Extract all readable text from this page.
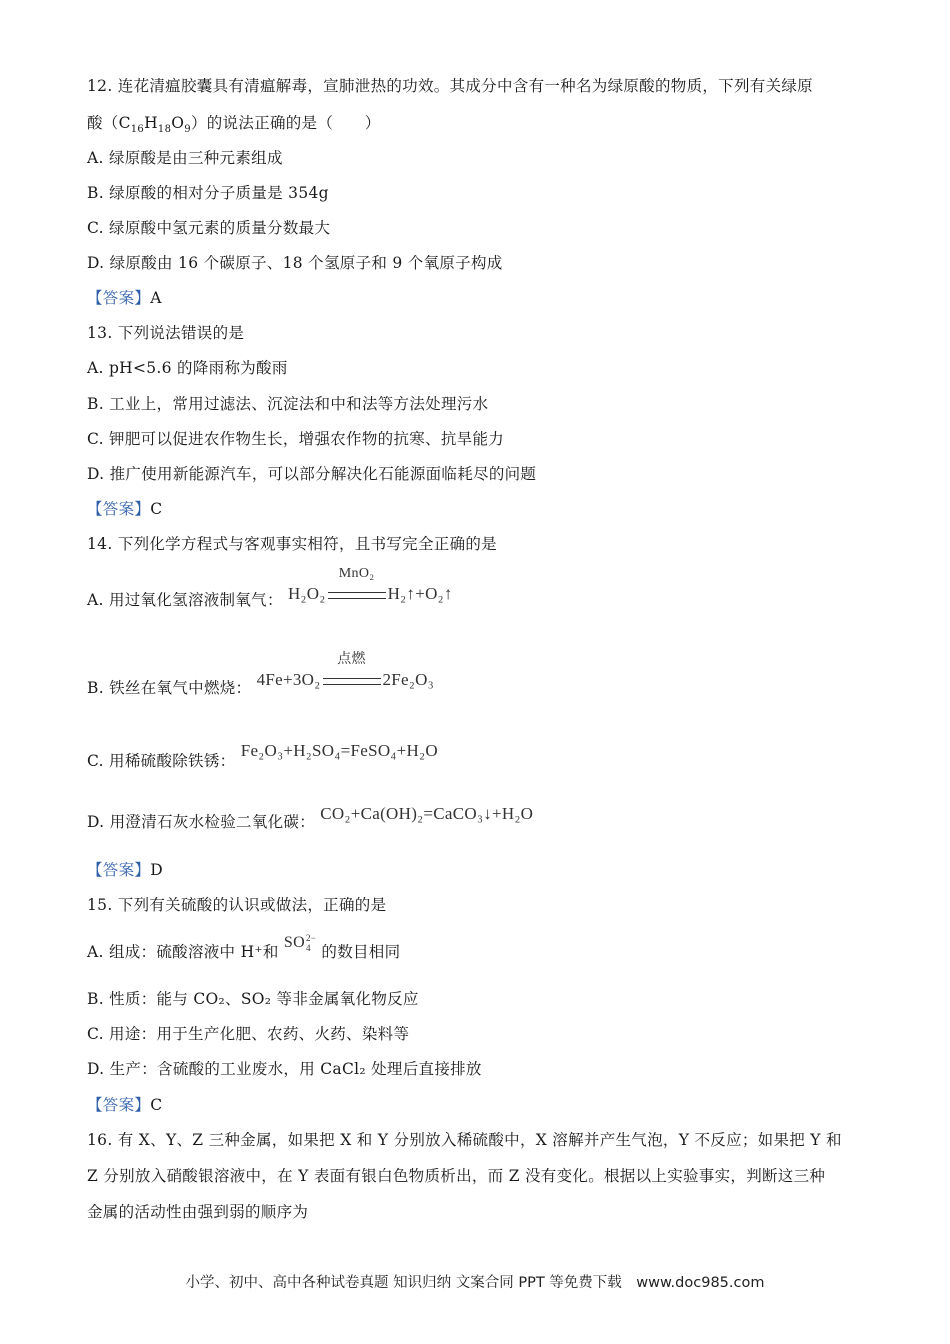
12. 连花清瘟胶囊具有清瘟解毒，宣肺泄热的功效。其成分中含有一种名为绿原酸的物质，下列有关绿原
酸$(C_{16}H_{18}O_9)$的说法正确的是（　　）
A. 绿原酸是由三种元素组成
B. 绿原酸的相对分子质量是 354g
C. 绿原酸中氢元素的质量分数最大
D. 绿原酸由 16 个碳原子、18 个氢原子和 9 个氧原子构成
【答案】A
13. 下列说法错误的是
A. pH<5.6 的降雨称为酸雨
B. 工业上，常用过滤法、沉淀法和中和法等方法处理污水
C. 钾肥可以促进农作物生长，增强农作物的抗寒、抗旱能力
D. 推广使用新能源汽车，可以部分解决化石能源面临耗尽的问题
【答案】C
14. 下列化学方程式与客观事实相符，且书写完全正确的是
A. 用过氧化氢溶液制氧气： H₂O₂
MnO₂
H₂↑+O₂↑
B. 铁丝在氧气中燃烧： 4Fe+3O₂
点燃
2Fe₂O₃
C. 用稀硫酸除铁锈： Fe₂O₃+H₂SO₄=FeSO₄+H₂O
D. 用澄清石灰水检验二氧化碳： CO₂+Ca(OH)₂=CaCO₃↓+H₂O
【答案】D
15. 下列有关硫酸的认识或做法，正确的是
A. 组成：硫酸溶液中 H⁺和 SO2−
4 的数目相同
B. 性质：能与 CO₂、SO₂ 等非金属氧化物反应
C. 用途：用于生产化肥、农药、火药、染料等
D. 生产：含硫酸的工业废水，用 CaCl₂ 处理后直接排放
【答案】C
16. 有 X、Y、Z 三种金属，如果把 X 和 Y 分别放入稀硫酸中，X 溶解并产生气泡，Y 不反应；如果把 Y 和
Z 分别放入硝酸银溶液中，在 Y 表面有银白色物质析出，而 Z 没有变化。根据以上实验事实，判断这三种
金属的活动性由强到弱的顺序为
小学、初中、高中各种试卷真题 知识归纳 文案合同 PPT 等免费下载　www.doc985.com
